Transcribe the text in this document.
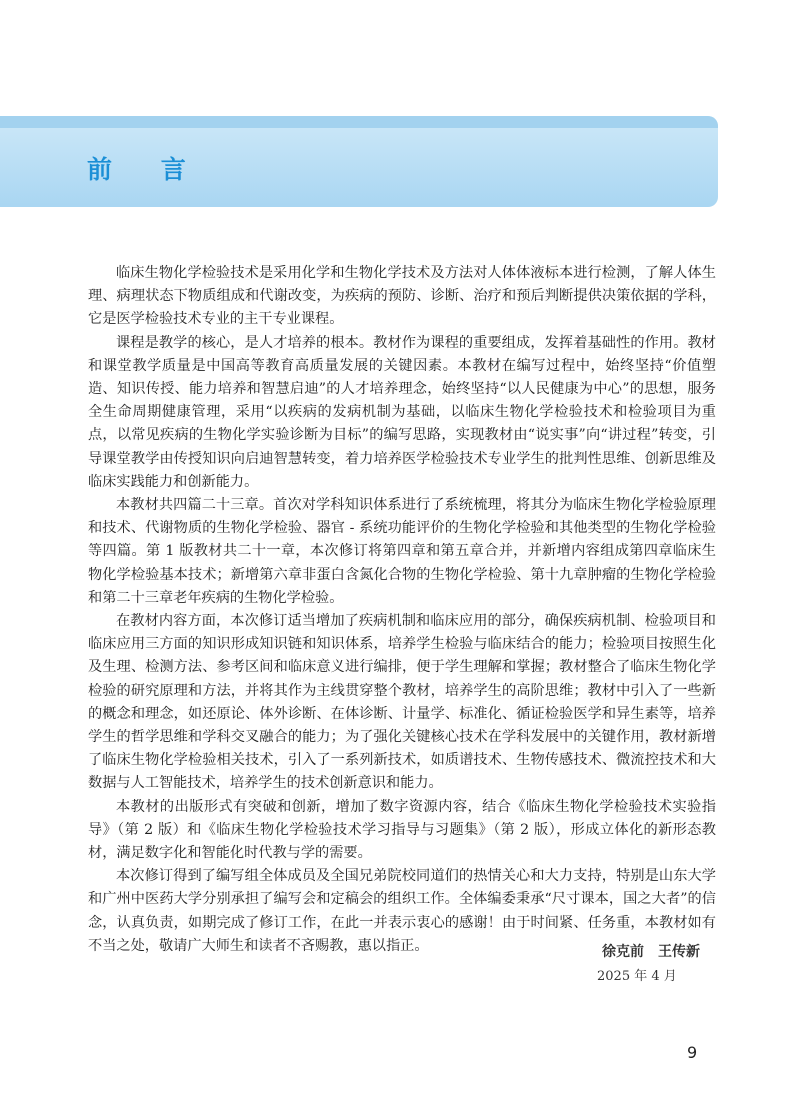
前 言

临床生物化学检验技术是采用化学和生物化学技术及方法对人体体液标本进行检测，了解人体生理、病理状态下物质组成和代谢改变，为疾病的预防、诊断、治疗和预后判断提供决策依据的学科，它是医学检验技术专业的主干专业课程。

课程是教学的核心，是人才培养的根本。教材作为课程的重要组成，发挥着基础性的作用。教材和课堂教学质量是中国高等教育高质量发展的关键因素。本教材在编写过程中，始终坚持“价值塑造、知识传授、能力培养和智慧启迪”的人才培养理念，始终坚持“以人民健康为中心”的思想，服务全生命周期健康管理，采用“以疾病的发病机制为基础，以临床生物化学检验技术和检验项目为重点，以常见疾病的生物化学实验诊断为目标”的编写思路，实现教材由“说实事”向“讲过程”转变，引导课堂教学由传授知识向启迪智慧转变，着力培养医学检验技术专业学生的批判性思维、创新思维及临床实践能力和创新能力。

本教材共四篇二十三章。首次对学科知识体系进行了系统梳理，将其分为临床生物化学检验原理和技术、代谢物质的生物化学检验、器官 - 系统功能评价的生物化学检验和其他类型的生物化学检验等四篇。第 1 版教材共二十一章，本次修订将第四章和第五章合并，并新增内容组成第四章临床生物化学检验基本技术；新增第六章非蛋白含氮化合物的生物化学检验、第十九章肿瘤的生物化学检验和第二十三章老年疾病的生物化学检验。

在教材内容方面，本次修订适当增加了疾病机制和临床应用的部分，确保疾病机制、检验项目和临床应用三方面的知识形成知识链和知识体系，培养学生检验与临床结合的能力；检验项目按照生化及生理、检测方法、参考区间和临床意义进行编排，便于学生理解和掌握；教材整合了临床生物化学检验的研究原理和方法，并将其作为主线贯穿整个教材，培养学生的高阶思维；教材中引入了一些新的概念和理念，如还原论、体外诊断、在体诊断、计量学、标准化、循证检验医学和异生素等，培养学生的哲学思维和学科交叉融合的能力；为了强化关键核心技术在学科发展中的关键作用，教材新增了临床生物化学检验相关技术，引入了一系列新技术，如质谱技术、生物传感技术、微流控技术和大数据与人工智能技术，培养学生的技术创新意识和能力。

本教材的出版形式有突破和创新，增加了数字资源内容，结合《临床生物化学检验技术实验指导》（第 2 版）和《临床生物化学检验技术学习指导与习题集》（第 2 版），形成立体化的新形态教材，满足数字化和智能化时代教与学的需要。

本次修订得到了编写组全体成员及全国兄弟院校同道们的热情关心和大力支持，特别是山东大学和广州中医药大学分别承担了编写会和定稿会的组织工作。全体编委秉承“尺寸课本，国之大者”的信念，认真负责，如期完成了修订工作，在此一并表示衷心的感谢！由于时间紧、任务重，本教材如有不当之处，敬请广大师生和读者不吝赐教，惠以指正。	徐克前　王传新
2025 年 4 月
9
